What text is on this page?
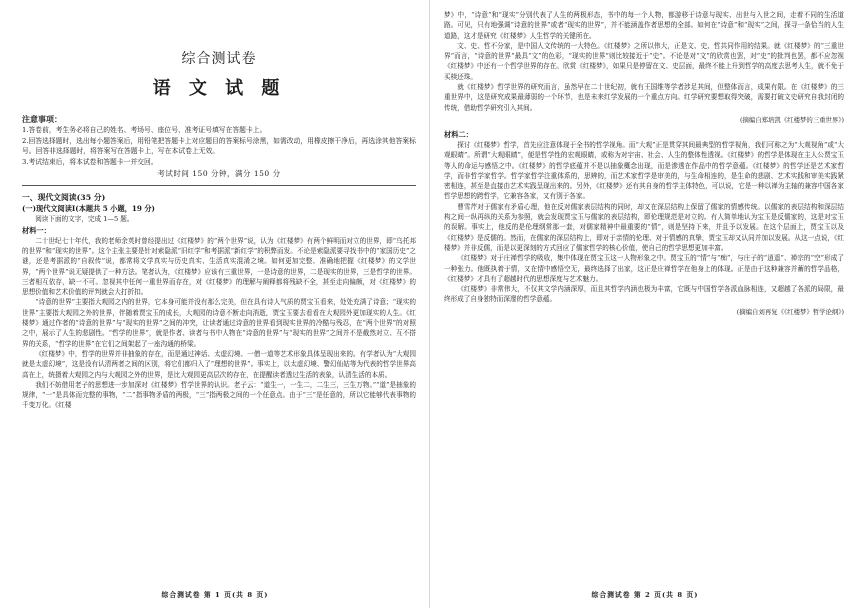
综合测试卷
语 文 试 题
注意事项：
1.答卷前，考生务必将自己的姓名、考场号、座位号、准考证号填写在答题卡上。
2.回答选择题时，选出每小题答案后，用铅笔把答题卡上对应题目的答案标号涂黑，如需改动，用橡皮擦干净后，再选涂其他答案标号。回答非选择题时，将答案写在答题卡上，写在本试卷上无效。
3.考试结束后，将本试卷和答题卡一并交回。
考试时间 150 分钟，满分 150 分
一、现代文阅读(35 分)
(一)现代文阅读Ⅰ(本题共 5 小题，19 分)

阅读下面的文字，完成 1—5 题。

材料一：

二十世纪七十年代，我的老师余英时曾经提出过《红楼梦》的“两个世界”说，认为《红楼梦》有两个鲜明而对立的世界，即“乌托邦的世界”和“现实的世界”。这个主张主要是针对索隐派“旧红学”和考据派“新红学”的积弊而发。不论是索隐派要寻找书中的“家国历史”之谜，还是考据派的“自叙传”说，都常将文学真实与历史真实、生活真实混淆之境。如何更加完整、准确地把握《红楼梦》的文学世界，“两个世界”说无疑提供了一种方法。笔者认为，《红楼梦》应该有三重世界，一是诗意的世界，二是现实的世界，三是哲学的世界。三者相互依存，缺一不可。忽视其中任何一重世界而存在，对《红楼梦》的理解与阐释都将残缺不全，甚至走向偏颇，对《红楼梦》的思想价值和艺术价值的评判就会大打折扣。

“诗意的世界”主要指大观园之内的世界，它本身可能并没有那么完美，但在具有诗人气质的贾宝玉看来，处处充满了诗意；“现实的世界”主要指大观园之外的世界，伴随着贾宝玉的成长，大观园的诗意不断走向消逝，贾宝玉要去看看在大观园外更加现实的人生。《红楼梦》通过作者的“诗意的世界”与“现实的世界”之间的冲突，让读者通过诗意的世界看到现实世界的冷酷与残忍，在“两个世界”的对照之中，展示了人生的悲剧性。“哲学的世界”，就是作者、读者与书中人物在“诗意的世界”与“现实的世界”之间并不是截然对立、互不搭界的关系，“哲学的世界”在它们之间架起了一座沟通的桥梁。

《红楼梦》中，哲学的世界并非抽象的存在，而是通过神话、太虚幻境、一僧一道等艺术形象具体呈现出来的。有学者认为“大观园就是太虚幻境”，这是没有认清两者之间的区别，将它们都归入了“理想的世界”。事实上，以太虚幻境、警幻仙姑等为代表的哲学世界高高在上，统摄着大观园之内与大观园之外的世界，是比大观园更高层次的存在，在提醒读者透过生活的表象，认清生活的本质。

我们不妨借用老子的思想进一步加深对《红楼梦》哲学世界的认识。老子云：“道生一，一生二，二生三，三生万物。”“道”是抽象的规律，“一”是具体而完整的事物，“二”指事物矛盾的两极，“三”指两极之间的一个任意点。由于“三”是任意的，所以它能够代表事物的千变万化。《红楼

综合测试卷 第 1 页(共 8 页)

梦》中，“诗意”和“现实”分别代表了人生的两极形态，书中的每一个人物，都游移于诗意与现实、出世与入世之间，走着不同的生活道路。可见，只有地强调“诗意的世界”或者“现实的世界”，并不能涵盖作者思想的全部。如何在“诗意”和“现实”之间，探寻一条恰当的人生道路，这才是研究《红楼梦》人生哲学的关键所在。

文、史、哲不分家，是中国人文传统的一大特色。《红楼梦》之所以伟大，正是文、史、哲共同作用的结果。就《红楼梦》的“三重世界”而言，“诗意的世界”最具“文”的色彩，“现实的世界”则比较接近于“史”。不论是对“文”的欣赏也罢，对“史”的批判也罢，都不应忽视《红楼梦》中还有一个哲学世界的存在。欣赏《红楼梦》，如果只是停留在文、史层面，最终不能上升到哲学的高度去思考人生，就不免于买椟还珠。

就《红楼梦》哲学世界的研究而言，虽然早在二十世纪初，就有王国维等学者涉足其间，但整体而言，成果有限。在《红楼梦》的三重世界中，这是研究成果最薄弱的一个环节，也是未来红学发展的一个重点方向。红学研究要想取得突破，需要打破文史研究自我封闭的传统，借助哲学研究引入其间。

(摘编自郑培凯《红楼梦的三重世界》)
材料二：

探讨《红楼梦》哲学，首先应注意体现于全书的哲学视角。而“大观”正是贯穿其间最典型的哲学视角，我们可称之为“大观视角”或“大观眼睛”。所谓“大观眼睛”，便是哲学性的宏观眼睛，或称为对宇宙、社会、人生的整体性透视。《红楼梦》的哲学是体现在主人公贾宝玉等人的命运与感悟之中。《红楼梦》的哲学底蕴并不是以抽象概念出现，而是渗透在作品中的哲学意蕴。《红楼梦》的哲学还是艺术家哲学，而非哲学家哲学。哲学家哲学注重体系的，思辨的，而艺术家哲学是审美的，与生命相连的，是生命的悲剧、艺术实践和审美实践紧密相连，甚至是直接由艺术实践呈现出来的。另外，《红楼梦》还有其自身的哲学主体特色，可以说，它是一种以禅为主轴的兼容中国各家哲学思想的跨哲学，它兼容各家，又有别于各家。

曹雪芹对于儒家有矛盾心理，他在反对儒家表层结构的同时，却又在深层结构上保留了儒家的情感传统。以儒家的表层结构和深层结构之间一纵再纵的关系为参照，就会发现贾宝玉与儒家的表层结构，即伦理规范是对立的。有人简单地认为宝玉是反儒家的，这是对宝玉的误解。事实上，他反的是伦理纲常那一套，对儒家精神中最重要的“情”，则是坚持下来，并且予以发展。在这个层面上，贾宝玉以及《红楼梦》是反儒的。然而，在儒家的深层结构上，即对于亲情的伦理、对于情感的真挚，贾宝玉却又认同并加以发展。从这一点说，《红楼梦》并非反儒，而是以更深刻的方式回应了儒家哲学的核心价值，使自己的哲学思想更加丰富。

《红楼梦》对于庄禅哲学的吸收，集中体现在贾宝玉这一人物形象之中。贾宝玉的“情”与“痴”，与庄子的“逍遥”、禅宗的“空”形成了一种张力。他既执着于情，又在情中感悟空无，最终选择了出家，这正是庄禅哲学在他身上的体现。正是由于这种兼容并蓄的哲学品格，《红楼梦》才具有了超越时代的思想深度与艺术魅力。

《红楼梦》非常伟大，不仅其文学内涵深厚，而且其哲学内涵也极为丰富，它既与中国哲学各派血脉相连，又超越了各派的局限，最终形成了自身独特而深邃的哲学意蕴。

(摘编自刘再复《《红楼梦》哲学论纲》)
综合测试卷 第 2 页(共 8 页)
